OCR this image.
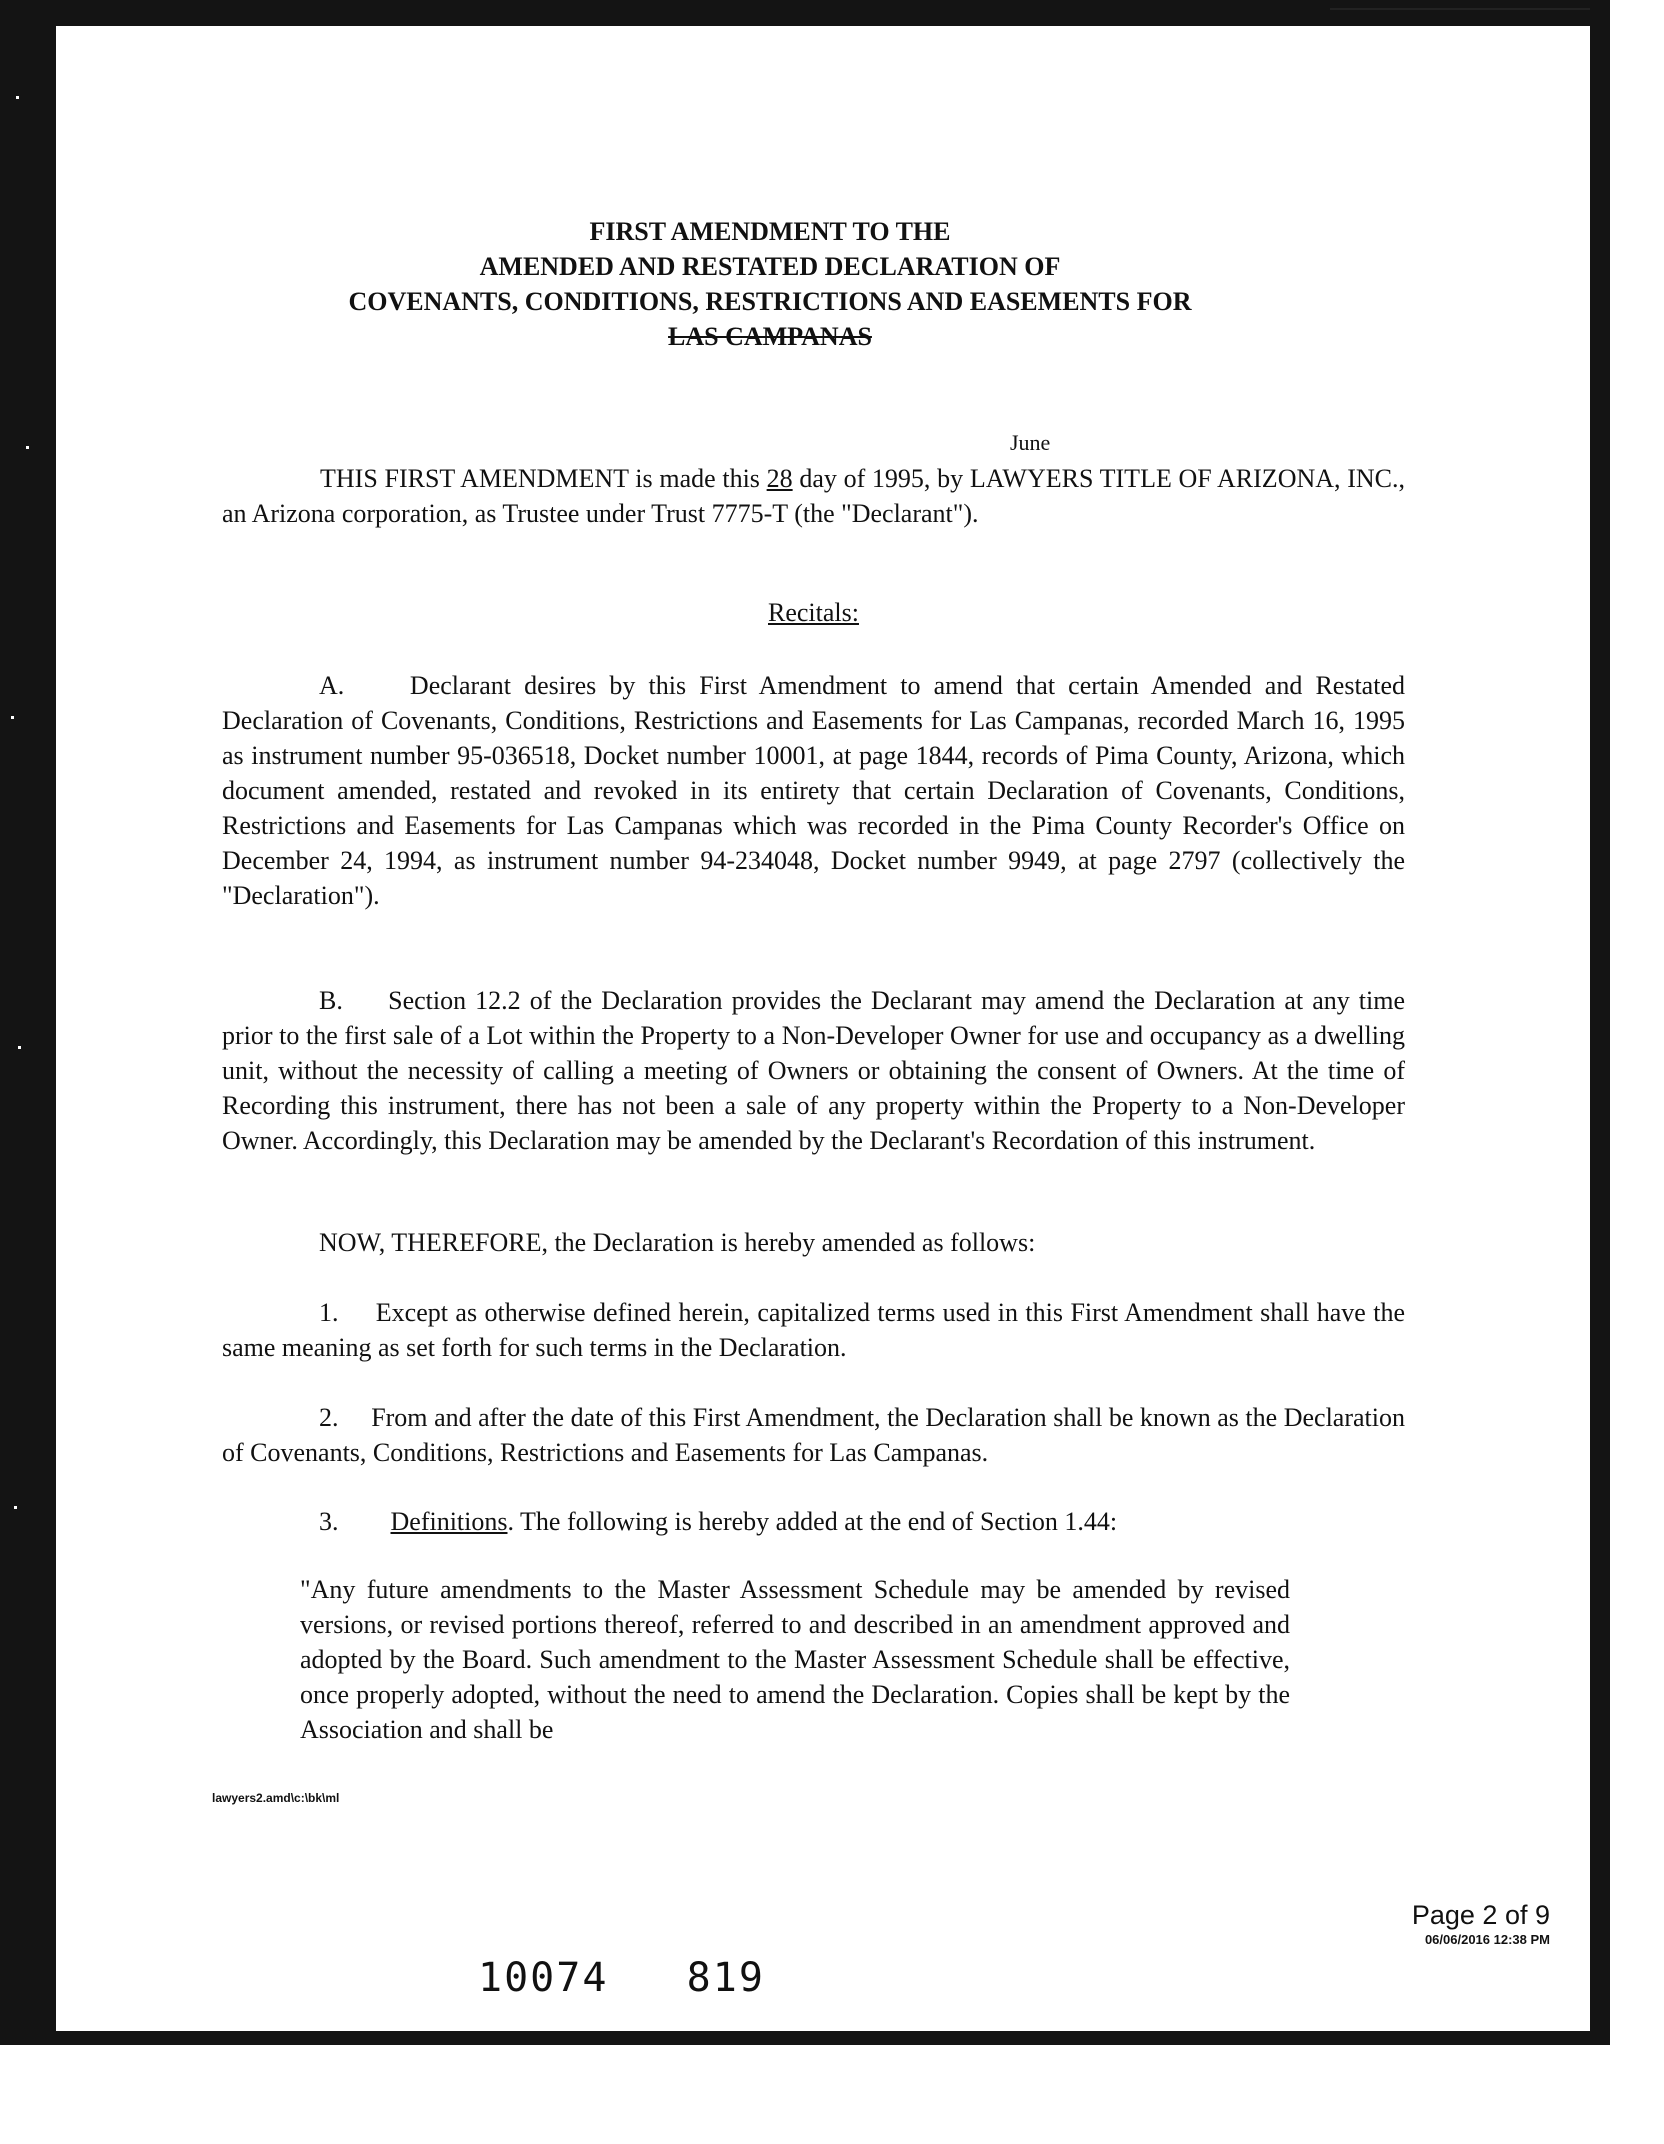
FIRST AMENDMENT TO THE
AMENDED AND RESTATED DECLARATION OF
COVENANTS, CONDITIONS, RESTRICTIONS AND EASEMENTS FOR
LAS CAMPANAS
June
THIS FIRST AMENDMENT is made this 28 day of 1995, by LAWYERS TITLE OF ARIZONA, INC., an Arizona corporation, as Trustee under Trust 7775-T (the "Declarant").
Recitals:
A.	Declarant desires by this First Amendment to amend that certain Amended and Restated Declaration of Covenants, Conditions, Restrictions and Easements for Las Campanas, recorded March 16, 1995 as instrument number 95-036518, Docket number 10001, at page 1844, records of Pima County, Arizona, which document amended, restated and revoked in its entirety that certain Declaration of Covenants, Conditions, Restrictions and Easements for Las Campanas which was recorded in the Pima County Recorder's Office on December 24, 1994, as instrument number 94-234048, Docket number 9949, at page 2797 (collectively the "Declaration").
B. Section 12.2 of the Declaration provides the Declarant may amend the Declaration at any time prior to the first sale of a Lot within the Property to a Non-Developer Owner for use and occupancy as a dwelling unit, without the necessity of calling a meeting of Owners or obtaining the consent of Owners. At the time of Recording this instrument, there has not been a sale of any property within the Property to a Non-Developer Owner. Accordingly, this Declaration may be amended by the Declarant's Recordation of this instrument.
NOW, THEREFORE, the Declaration is hereby amended as follows:
1. Except as otherwise defined herein, capitalized terms used in this First Amendment shall have the same meaning as set forth for such terms in the Declaration.
2. From and after the date of this First Amendment, the Declaration shall be known as the Declaration of Covenants, Conditions, Restrictions and Easements for Las Campanas.
3. Definitions. The following is hereby added at the end of Section 1.44:
"Any future amendments to the Master Assessment Schedule may be amended by revised versions, or revised portions thereof, referred to and described in an amendment approved and adopted by the Board. Such amendment to the Master Assessment Schedule shall be effective, once properly adopted, without the need to amend the Declaration. Copies shall be kept by the Association and shall be
lawyers2.amd\c:\bk\ml
Page 2 of 9
06/06/2016 12:38 PM
10074   819
